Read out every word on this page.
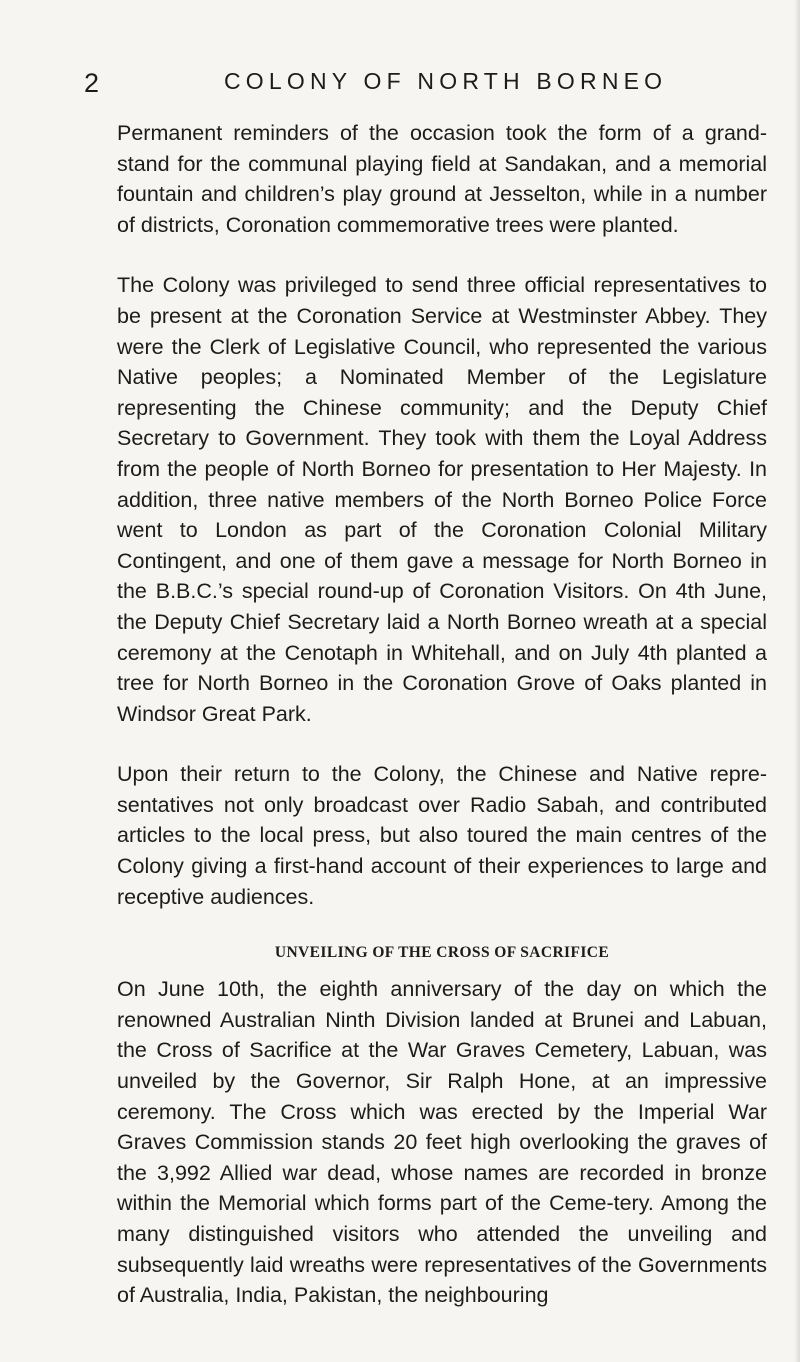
2	COLONY OF NORTH BORNEO

Permanent reminders of the occasion took the form of a grand-stand for the communal playing field at Sandakan, and a memorial fountain and children’s play ground at Jesselton, while in a number of districts, Coronation commemorative trees were planted.

The Colony was privileged to send three official representatives to be present at the Coronation Service at Westminster Abbey. They were the Clerk of Legislative Council, who represented the various Native peoples; a Nominated Member of the Legislature representing the Chinese community; and the Deputy Chief Secretary to Government. They took with them the Loyal Address from the people of North Borneo for presentation to Her Majesty. In addition, three native members of the North Borneo Police Force went to London as part of the Coronation Colonial Military Contingent, and one of them gave a message for North Borneo in the B.B.C.’s special round-up of Coronation Visitors. On 4th June, the Deputy Chief Secretary laid a North Borneo wreath at a special ceremony at the Cenotaph in Whitehall, and on July 4th planted a tree for North Borneo in the Coronation Grove of Oaks planted in Windsor Great Park.

Upon their return to the Colony, the Chinese and Native repre-sentatives not only broadcast over Radio Sabah, and contributed articles to the local press, but also toured the main centres of the Colony giving a first-hand account of their experiences to large and receptive audiences.

UNVEILING OF THE CROSS OF SACRIFICE

On June 10th, the eighth anniversary of the day on which the renowned Australian Ninth Division landed at Brunei and Labuan, the Cross of Sacrifice at the War Graves Cemetery, Labuan, was unveiled by the Governor, Sir Ralph Hone, at an impressive ceremony. The Cross which was erected by the Imperial War Graves Commission stands 20 feet high overlooking the graves of the 3,992 Allied war dead, whose names are recorded in bronze within the Memorial which forms part of the Ceme-tery. Among the many distinguished visitors who attended the unveiling and subsequently laid wreaths were representatives of the Governments of Australia, India, Pakistan, the neighbouring
